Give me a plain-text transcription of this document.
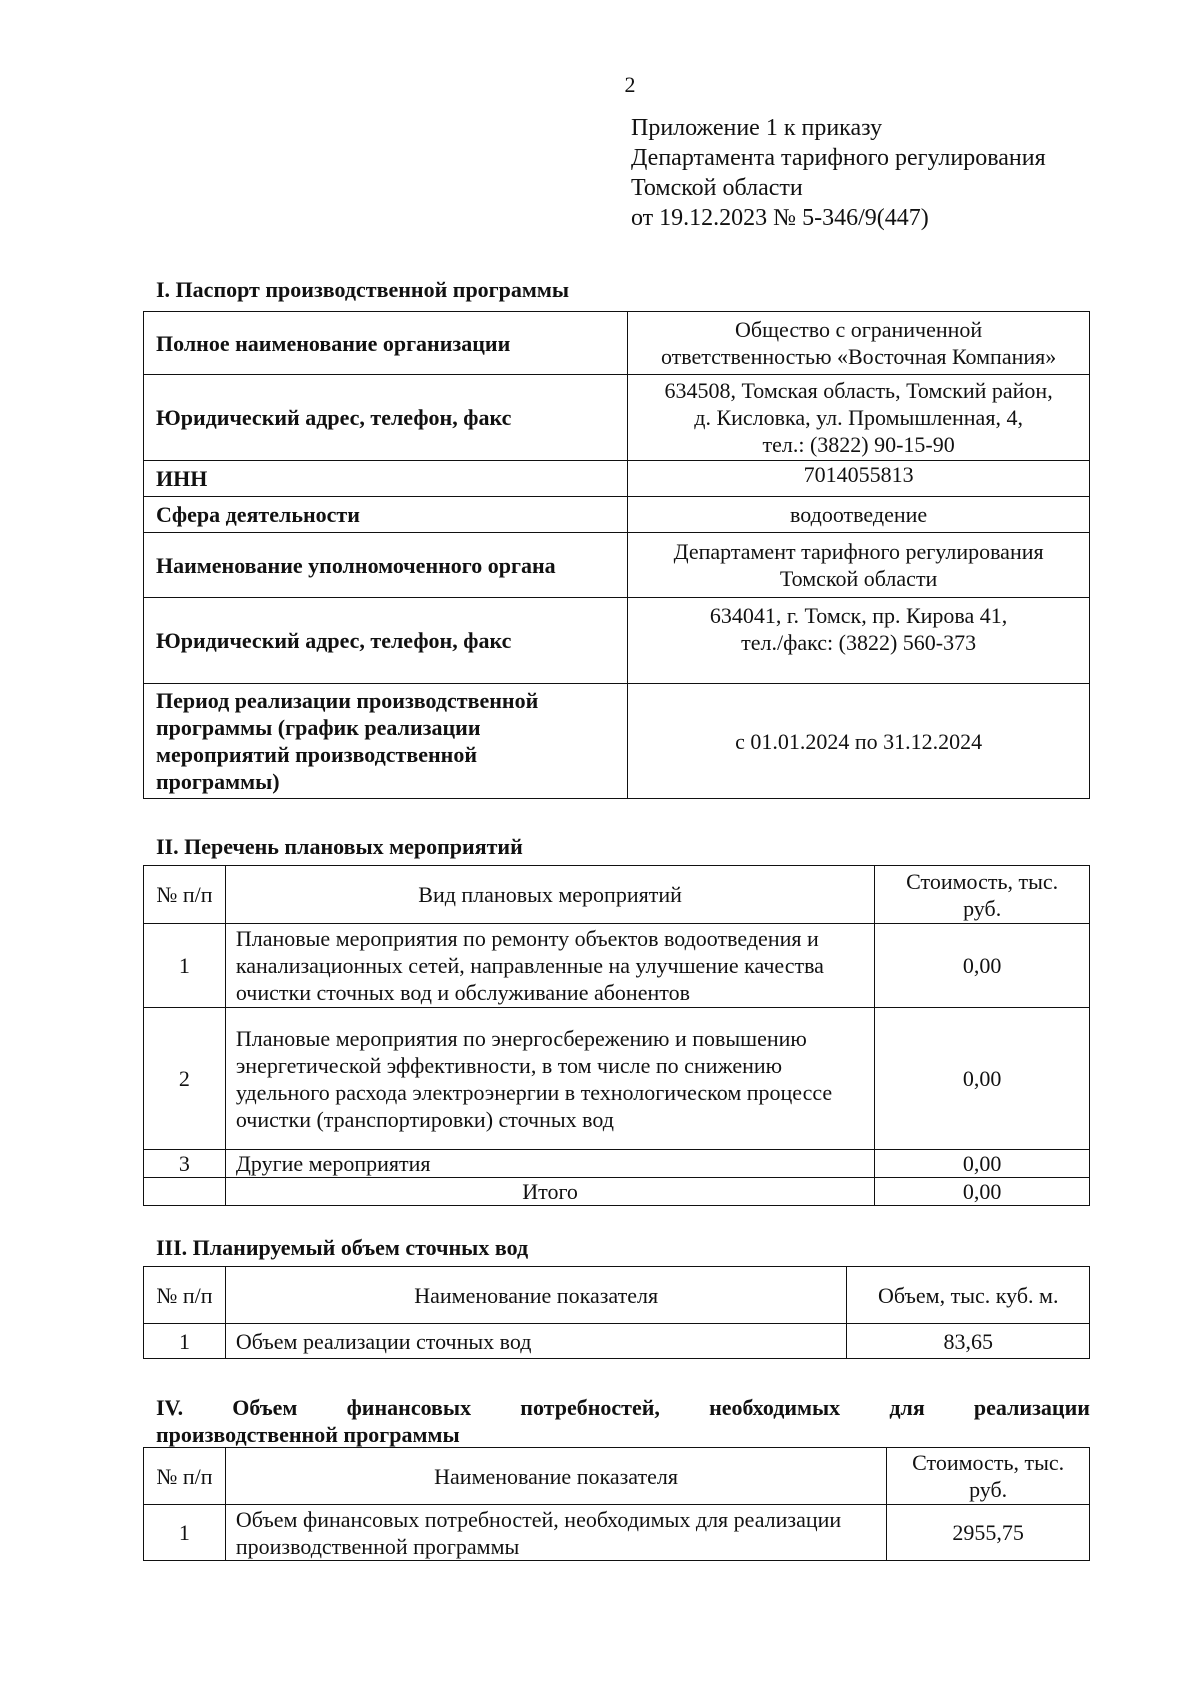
2
Приложение 1 к приказу
Департамента тарифного регулирования
Томской области
от 19.12.2023 № 5-346/9(447)
I. Паспорт производственной программы
Полное наименование организации	Общество с ограниченной
ответственностью «Восточная Компания»

Юридический адрес, телефон, факс	634508, Томская область, Томский район,
д. Кисловка, ул. Промышленная, 4,
тел.: (3822) 90-15-90

ИНН	7014055813

Сфера деятельности	водоотведение

Наименование уполномоченного органа	Департамент тарифного регулирования
Томской области

Юридический адрес, телефон, факс	634041, г. Томск, пр. Кирова 41,
тел./факс: (3822) 560-373

Период реализации производственной программы (график реализации мероприятий производственной программы)	с 01.01.2024 по 31.12.2024
II. Перечень плановых мероприятий
№ п/п	Вид плановых мероприятий	Стоимость, тыс. руб.
1	Плановые мероприятия по ремонту объектов водоотведения и канализационных сетей, направленные на улучшение качества очистки сточных вод и обслуживание абонентов	0,00
2	Плановые мероприятия по энергосбережению и повышению энергетической эффективности, в том числе по снижению удельного расхода электроэнергии в технологическом процессе очистки (транспортировки) сточных вод	0,00
3	Другие мероприятия	0,00
	Итого	0,00
III. Планируемый объем сточных вод
№ п/п	Наименование показателя	Объем, тыс. куб. м.
1	Объем реализации сточных вод	83,65
IV. Объем финансовых потребностей, необходимых для реализации
производственной программы
№ п/п	Наименование показателя	Стоимость, тыс. руб.
1	Объем финансовых потребностей, необходимых для реализации производственной программы	2955,75
